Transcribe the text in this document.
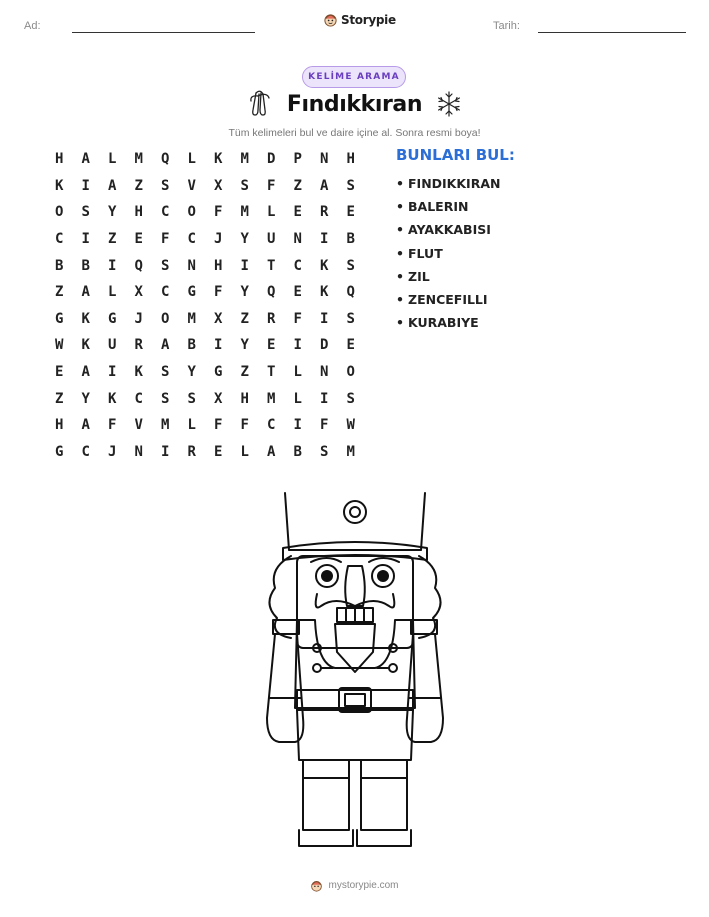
Ad:	Storypie	Tarih:
KELİME ARAMA
Fındıkkıran
Tüm kelimeleri bul ve daire içine al. Sonra resmi boya!
H	A	L	M	Q	L	K	M	D	P	N	H
K	I	A	Z	S	V	X	S	F	Z	A	S
O	S	Y	H	C	O	F	M	L	E	R	E
C	I	Z	E	F	C	J	Y	U	N	I	B
B	B	I	Q	S	N	H	I	T	C	K	S
Z	A	L	X	C	G	F	Y	Q	E	K	Q
G	K	G	J	O	M	X	Z	R	F	I	S
W	K	U	R	A	B	I	Y	E	I	D	E
E	A	I	K	S	Y	G	Z	T	L	N	O
Z	Y	K	C	S	S	X	H	M	L	I	S
H	A	F	V	M	L	F	F	C	I	F	W
G	C	J	N	I	R	E	L	A	B	S	M
BUNLARI BUL:
• FINDIKKIRAN
• BALERIN
• AYAKKABISI
• FLUT
• ZIL
• ZENCEFILLI
• KURABIYE
mystorypie.com
